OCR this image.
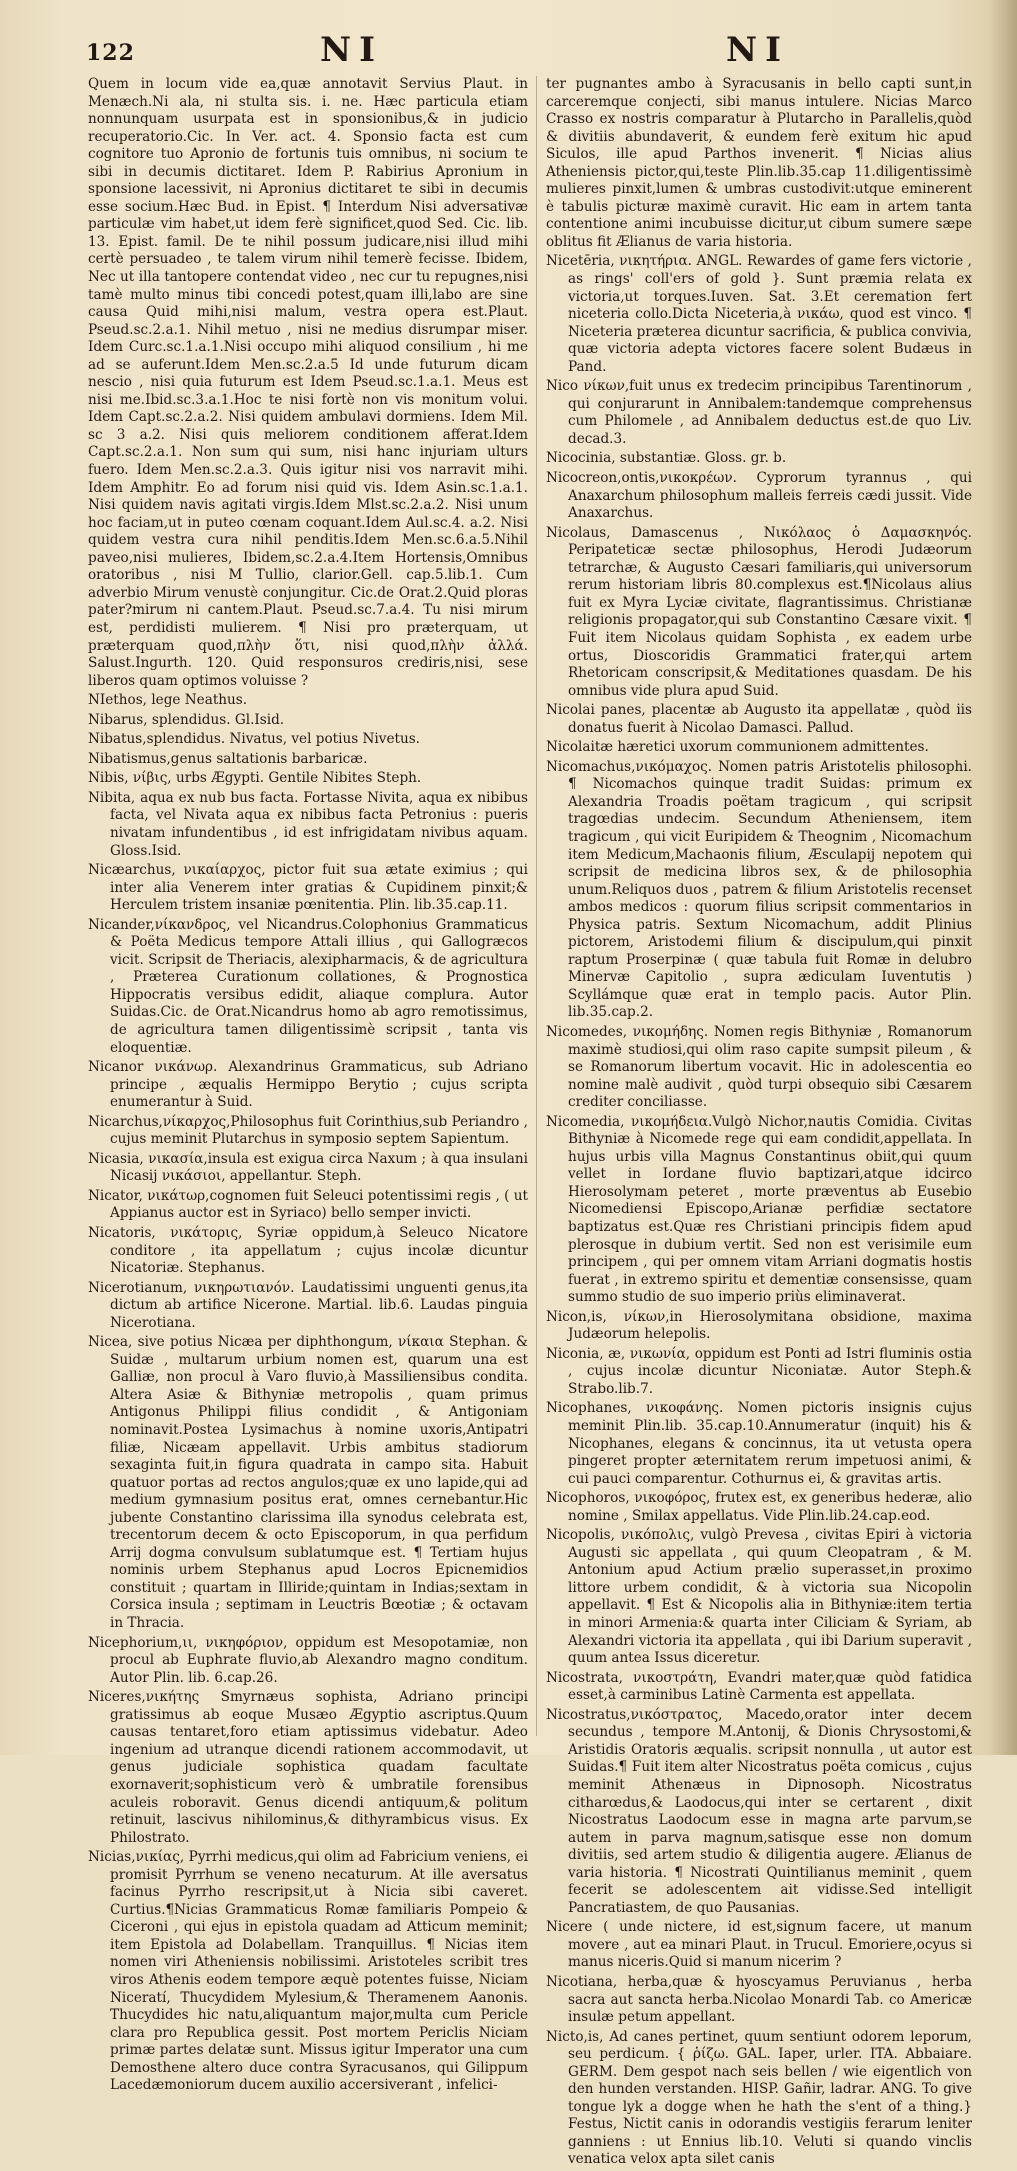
122	NI	NI

Quem in locum vide ea,quæ annotavit Servius Plaut. in Menæch.Ni ala, ni stulta sis. i. ne. Hæc particula etiam nonnunquam usurpata est in sponsionibus,& in judicio recuperatorio.Cic. In Ver. act. 4. Sponsio facta est cum cognitore tuo Apronio de fortunis tuis omnibus, ni socium te sibi in decumis dictitaret. Idem P. Rabirius Apronium in sponsione lacessivit, ni Apronius dictitaret te sibi in decumis esse socium.Hæc Bud. in Epist. ¶ Interdum Nisi adversativæ particulæ vim habet,ut idem ferè significet,quod Sed. Cic. lib. 13. Epist. famil. De te nihil possum judicare,nisi illud mihi certè persuadeo , te talem virum nihil temerè fecisse. Ibidem, Nec ut illa tantopere contendat video , nec cur tu repugnes,nisi tamè multo minus tibi concedi potest,quam illi,labo are sine causa Quid mihi,nisi malum, vestra opera est.Plaut. Pseud.sc.2.a.1. Nihil metuo , nisi ne medius disrumpar miser. Idem Curc.sc.1.a.1.Nisi occupo mihi aliquod consilium , hi me ad se auferunt.Idem Men.sc.2.a.5 Id unde futurum dicam nescio , nisi quia futurum est Idem Pseud.sc.1.a.1. Meus est nisi me.Ibid.sc.3.a.1.Hoc te nisi fortè non vis monitum volui. Idem Capt.sc.2.a.2. Nisi quidem ambulavi dormiens. Idem Mil. sc 3 a.2. Nisi quis meliorem conditionem afferat.Idem Capt.sc.2.a.1. Non sum qui sum, nisi hanc injuriam ulturs fuero. Idem Men.sc.2.a.3. Quis igitur nisi vos narravit mihi. Idem Amphitr. Eo ad forum nisi quid vis. Idem Asin.sc.1.a.1. Nisi quidem navis agitati virgis.Idem Mlst.sc.2.a.2. Nisi unum hoc faciam,ut in puteo cœnam coquant.Idem Aul.sc.4. a.2. Nisi quidem vestra cura nihil penditis.Idem Men.sc.6.a.5.Nihil paveo,nisi mulieres, Ibidem,sc.2.a.4.Item Hortensis,Omnibus oratoribus , nisi M Tullio, clarior.Gell. cap.5.lib.1. Cum adverbio Mirum venustè conjungitur. Cic.de Orat.2.Quid ploras pater?mirum ni cantem.Plaut. Pseud.sc.7.a.4. Tu nisi mirum est, perdidisti mulierem. ¶ Nisi pro præterquam, ut præterquam quod,πλὴν ὅτι, nisi quod,πλὴν ἀλλά. Salust.Ingurth. 120. Quid responsuros crediris,nisi, sese liberos quam optimos voluisse ?

NIethos, lege Neathus.

Nibarus, splendidus. Gl.Isid.

Nibatus,splendidus. Nivatus, vel potius Nivetus.

Nibatismus,genus saltationis barbaricæ.

Nibis, νίβις, urbs Ægypti. Gentile Nibites Steph.

Nibita, aqua ex nub bus facta. Fortasse Nivita, aqua ex nibibus facta, vel Nivata aqua ex nibibus facta Petronius : pueris nivatam infundentibus , id est infrigidatam nivibus aquam. Gloss.Isid.

Nicæarchus, νικαίαρχος, pictor fuit sua ætate eximius ; qui inter alia Venerem inter gratias & Cupidinem pinxit;& Herculem tristem insaniæ pœnitentia. Plin. lib.35.cap.11.

Nicander,νίκανδρος, vel Nicandrus.Colophonius Grammaticus & Poëta Medicus tempore Attali illius , qui Gallogræcos vicit. Scripsit de Theriacis, alexipharmacis, & de agricultura , Præterea Curationum collationes, & Prognostica Hippocratis versibus edidit, aliaque complura. Autor Suidas.Cic. de Orat.Nicandrus homo ab agro remotissimus, de agricultura tamen diligentissimè scripsit , tanta vis eloquentiæ.

Nicanor νικάνωρ. Alexandrinus Grammaticus, sub Adriano principe , æqualis Hermippo Berytio ; cujus scripta enumerantur à Suid.

Nicarchus,νίκαρχος,Philosophus fuit Corinthius,sub Periandro , cujus meminit Plutarchus in symposio septem Sapientum.

Nicasia, νικασία,insula est exigua circa Naxum ; à qua insulani Nicasij νικάσιοι, appellantur. Steph.

Nicator, νικάτωρ,cognomen fuit Seleuci potentissimi regis , ( ut Appianus auctor est in Syriaco) bello semper invicti.

Nicatoris, νικάτορις, Syriæ oppidum,à Seleuco Nicatore conditore , ita appellatum ; cujus incolæ dicuntur Nicatoriæ. Stephanus.

Nicerotianum, νικηρωτιανόν. Laudatissimi unguenti genus,ita dictum ab artifice Nicerone. Martial. lib.6. Laudas pinguia Nicerotiana.

Nicea, sive potius Nicæa per diphthongum, νίκαια Stephan. & Suidæ , multarum urbium nomen est, quarum una est Galliæ, non procul à Varo fluvio,à Massiliensibus condita. Altera Asiæ & Bithyniæ metropolis , quam primus Antigonus Philippi filius condidit , & Antigoniam nominavit.Postea Lysimachus à nomine uxoris,Antipatri filiæ, Nicæam appellavit. Urbis ambitus stadiorum sexaginta fuit,in figura quadrata in campo sita. Habuit quatuor portas ad rectos angulos;quæ ex uno lapide,qui ad medium gymnasium positus erat, omnes cernebantur.Hic jubente Constantino clarissima illa synodus celebrata est, trecentorum decem & octo Episcoporum, in qua perfidum Arrij dogma convulsum sublatumque est. ¶ Tertiam hujus nominis urbem Stephanus apud Locros Epicnemidios constituit ; quartam in Illiride;quintam in Indias;sextam in Corsica insula ; septimam in Leuctris Bœotiæ ; & octavam in Thracia.

Nicephorium,ιι, νικηφόριον, oppidum est Mesopotamiæ, non procul ab Euphrate fluvio,ab Alexandro magno conditum. Autor Plin. lib. 6.cap.26.

Niceres,νικήτης Smyrnæus sophista, Adriano principi gratissimus ab eoque Musæo Ægyptio ascriptus.Quum causas tentaret,foro etiam aptissimus videbatur. Adeo ingenium ad utranque dicendi rationem accommodavit, ut genus judiciale sophistica quadam facultate exornaverit;sophisticum verò & umbratile forensibus aculeis roboravit. Genus dicendi antiquum,& politum retinuit, lascivus nihilominus,& dithyrambicus visus. Ex Philostrato.

Nicias,νικίας, Pyrrhi medicus,qui olim ad Fabricium veniens, ei promisit Pyrrhum se veneno necaturum. At ille aversatus facinus Pyrrho rescripsit,ut à Nicia sibi caveret. Curtius.¶Nicias Grammaticus Romæ familiaris Pompeio & Ciceroni , qui ejus in epistola quadam ad Atticum meminit; item Epistola ad Dolabellam. Tranquillus. ¶ Nicias item nomen viri Atheniensis nobilissimi. Aristoteles scribit tres viros Athenis eodem tempore æquè potentes fuisse, Niciam Niceratí, Thucydidem Mylesium,& Theramenem Aanonis. Thucydides hic natu,aliquantum major,multa cum Pericle clara pro Republica gessit. Post mortem Periclis Niciam primæ partes delatæ sunt. Missus igitur Imperator una cum Demosthene altero duce contra Syracusanos, qui Gilippum Lacedæmoniorum ducem auxilio accersiverant , infelici-

ter pugnantes ambo à Syracusanis in bello capti sunt,in carceremque conjecti, sibi manus intulere. Nicias Marco Crasso ex nostris comparatur à Plutarcho in Parallelis,quòd & divitiis abundaverit, & eundem ferè exitum hic apud Siculos, ille apud Parthos invenerit. ¶ Nicias alius Atheniensis pictor,qui,teste Plin.lib.35.cap 11.diligentissimè mulieres pinxit,lumen & umbras custodivit:utque eminerent è tabulis picturæ maximè curavit. Hic eam in artem tanta contentione animi incubuisse dicitur,ut cibum sumere sæpe oblitus fit Ælianus de varia historia.

Nicetēria, νικητήρια. ANGL. Rewardes of game fers victorie , as rings' coll'ers of gold }. Sunt præmia relata ex victoria,ut torques.Iuven. Sat. 3.Et ceremation fert niceteria collo.Dicta Niceteria,à νικάω, quod est vinco. ¶ Niceteria præterea dicuntur sacrificia, & publica convivia, quæ victoria adepta victores facere solent Budæus in Pand.

Nico νίκων,fuit unus ex tredecim principibus Tarentinorum , qui conjurarunt in Annibalem:tandemque comprehensus cum Philomele , ad Annibalem deductus est.de quo Liv. decad.3.

Nicocinia, substantiæ. Gloss. gr. b.

Nicocreon,ontis,νικοκρέων. Cyprorum tyrannus , qui Anaxarchum philosophum malleis ferreis cædi jussit. Vide Anaxarchus.

Nicolaus, Damascenus , Νικόλαος ὁ Δαμασκηνός. Peripateticæ sectæ philosophus, Herodi Judæorum tetrarchæ, & Augusto Cæsari familiaris,qui universorum rerum historiam libris 80.complexus est.¶Nicolaus alius fuit ex Myra Lyciæ civitate, flagrantissimus. Christianæ religionis propagator,qui sub Constantino Cæsare vixit. ¶ Fuit item Nicolaus quidam Sophista , ex eadem urbe ortus, Dioscoridis Grammatici frater,qui artem Rhetoricam conscripsit,& Meditationes quasdam. De his omnibus vide plura apud Suid.

Nicolai panes, placentæ ab Augusto ita appellatæ , quòd iis donatus fuerit à Nicolao Damasci. Pallud.

Nicolaitæ hæretici uxorum communionem admittentes.

Nicomachus,νικόμαχος. Nomen patris Aristotelis philosophi. ¶ Nicomachos quinque tradit Suidas: primum ex Alexandria Troadis poëtam tragicum , qui scripsit tragœdias undecim. Secundum Atheniensem, item tragicum , qui vicit Euripidem & Theognim , Nicomachum item Medicum,Machaonis filium, Æsculapij nepotem qui scripsit de medicina libros sex, & de philosophia unum.Reliquos duos , patrem & filium Aristotelis recenset ambos medicos : quorum filius scripsit commentarios in Physica patris. Sextum Nicomachum, addit Plinius pictorem, Aristodemi filium & discipulum,qui pinxit raptum Proserpinæ ( quæ tabula fuit Romæ in delubro Minervæ Capitolio , supra ædiculam Iuventutis ) Scyllámque quæ erat in templo pacis. Autor Plin. lib.35.cap.2.

Nicomedes, νικομήδης. Nomen regis Bithyniæ , Romanorum maximè studiosi,qui olim raso capite sumpsit pileum , & se Romanorum libertum vocavit. Hic in adolescentia eo nomine malè audivit , quòd turpi obsequio sibi Cæsarem crediter conciliasse.

Nicomedia, νικομήδεια.Vulgò Nichor,nautis Comidia. Civitas Bithyniæ à Nicomede rege qui eam condidit,appellata. In hujus urbis villa Magnus Constantinus obiit,qui quum vellet in Iordane fluvio baptizari,atque idcirco Hierosolymam peteret , morte præventus ab Eusebio Nicomediensi Episcopo,Arianæ perfidiæ sectatore baptizatus est.Quæ res Christiani principis fidem apud plerosque in dubium vertit. Sed non est verisimile eum principem , qui per omnem vitam Arriani dogmatis hostis fuerat , in extremo spiritu et dementiæ consensisse, quam summo studio de suo imperio priùs eliminaverat.

Nicon,is, νίκων,in Hierosolymitana obsidione, maxima Judæorum helepolis.

Niconia, æ, νικωνία, oppidum est Ponti ad Istri fluminis ostia , cujus incolæ dicuntur Niconiatæ. Autor Steph.& Strabo.lib.7.

Nicophanes, νικοφάνης. Nomen pictoris insignis cujus meminit Plin.lib. 35.cap.10.Annumeratur (inquit) his & Nicophanes, elegans & concinnus, ita ut vetusta opera pingeret propter æternitatem rerum impetuosi animi, & cui pauci comparentur. Cothurnus ei, & gravitas artis.

Nicophoros, νικοφόρος, frutex est, ex generibus hederæ, alio nomine , Smilax appellatus. Vide Plin.lib.24.cap.eod.

Nicopolis, νικόπολις, vulgò Prevesa , civitas Epiri à victoria Augusti sic appellata , qui quum Cleopatram , & M. Antonium apud Actium prælio superasset,in proximo littore urbem condidit, & à victoria sua Nicopolin appellavit. ¶ Est & Nicopolis alia in Bithyniæ:item tertia in minori Armenia:& quarta inter Ciliciam & Syriam, ab Alexandri victoria ita appellata , qui ibi Darium superavit , quum antea Issus diceretur.

Nicostrata, νικοστράτη, Evandri mater,quæ quòd fatidica esset,à carminibus Latinè Carmenta est appellata.

Nicostratus,νικόστρατος, Macedo,orator inter decem secundus , tempore M.Antonij, & Dionis Chrysostomi,& Aristidis Oratoris æqualis. scripsit nonnulla , ut autor est Suidas.¶ Fuit item alter Nicostratus poëta comicus , cujus meminit Athenæus in Dipnosoph. Nicostratus citharœdus,& Laodocus,qui inter se certarent , dixit Nicostratus Laodocum esse in magna arte parvum,se autem in parva magnum,satisque esse non domum divitiis, sed artem studio & diligentia augere. Ælianus de varia historia. ¶ Nicostrati Quintilianus meminit , quem fecerit se adolescentem ait vidisse.Sed intelligit Pancratiastem, de quo Pausanias.

Nicere ( unde nictere, id est,signum facere, ut manum movere , aut ea minari Plaut. in Trucul. Emoriere,ocyus si manus niceris.Quid si manum nicerim ?

Nicotiana, herba,quæ & hyoscyamus Peruvianus , herba sacra aut sancta herba.Nicolao Monardi Tab. co Americæ insulæ petum appellant.

Nicto,is, Ad canes pertinet, quum sentiunt odorem leporum, seu perdicum. { ῥίζω. GAL. Iaper, urler. ITA. Abbaiare. GERM. Dem gespot nach seis bellen / wie eigentlich von den hunden verstanden. HISP. Gañir, ladrar. ANG. To give tongue lyk a dogge when he hath the s'ent of a thing.} Festus, Nictit canis in odorandis vestigiis ferarum leniter ganniens : ut Ennius lib.10. Veluti si quando vinclis venatica velox apta silet canis
